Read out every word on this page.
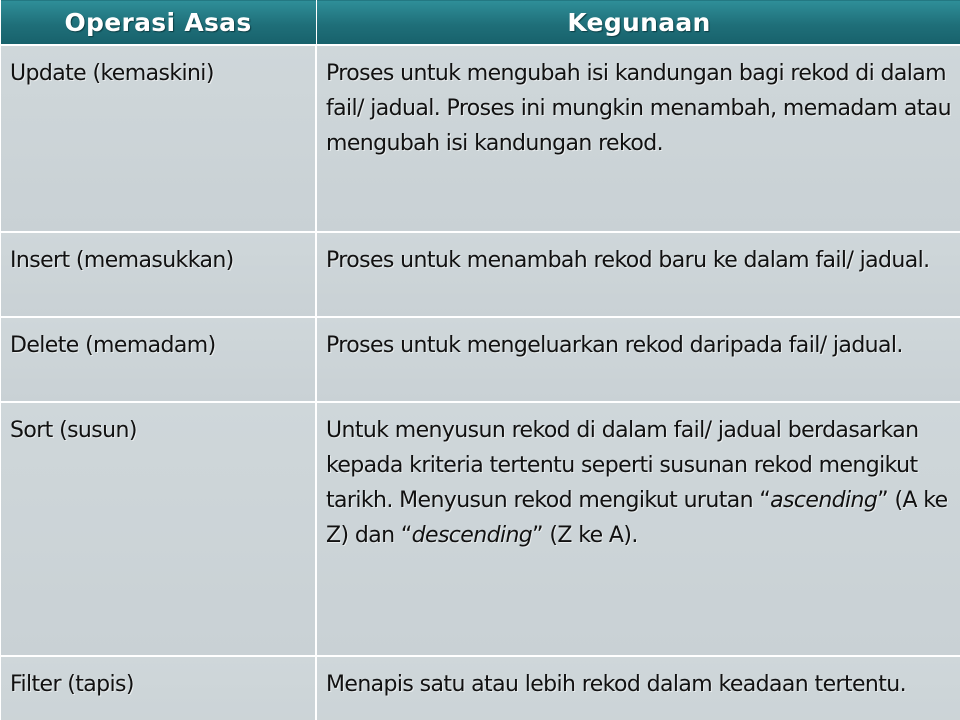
Operasi Asas	Kegunaan
Update (kemaskini)	Proses untuk mengubah isi kandungan bagi rekod di dalam fail/ jadual. Proses ini mungkin menambah, memadam atau mengubah isi kandungan rekod.
Insert (memasukkan)	Proses untuk menambah rekod baru ke dalam fail/ jadual.
Delete (memadam)	Proses untuk mengeluarkan rekod daripada fail/ jadual.
Sort (susun)	Untuk menyusun rekod di dalam fail/ jadual berdasarkan kepada kriteria tertentu seperti susunan rekod mengikut tarikh. Menyusun rekod mengikut urutan “ascending” (A ke Z) dan “descending” (Z ke A).
Filter (tapis)	Menapis satu atau lebih rekod dalam keadaan tertentu.
